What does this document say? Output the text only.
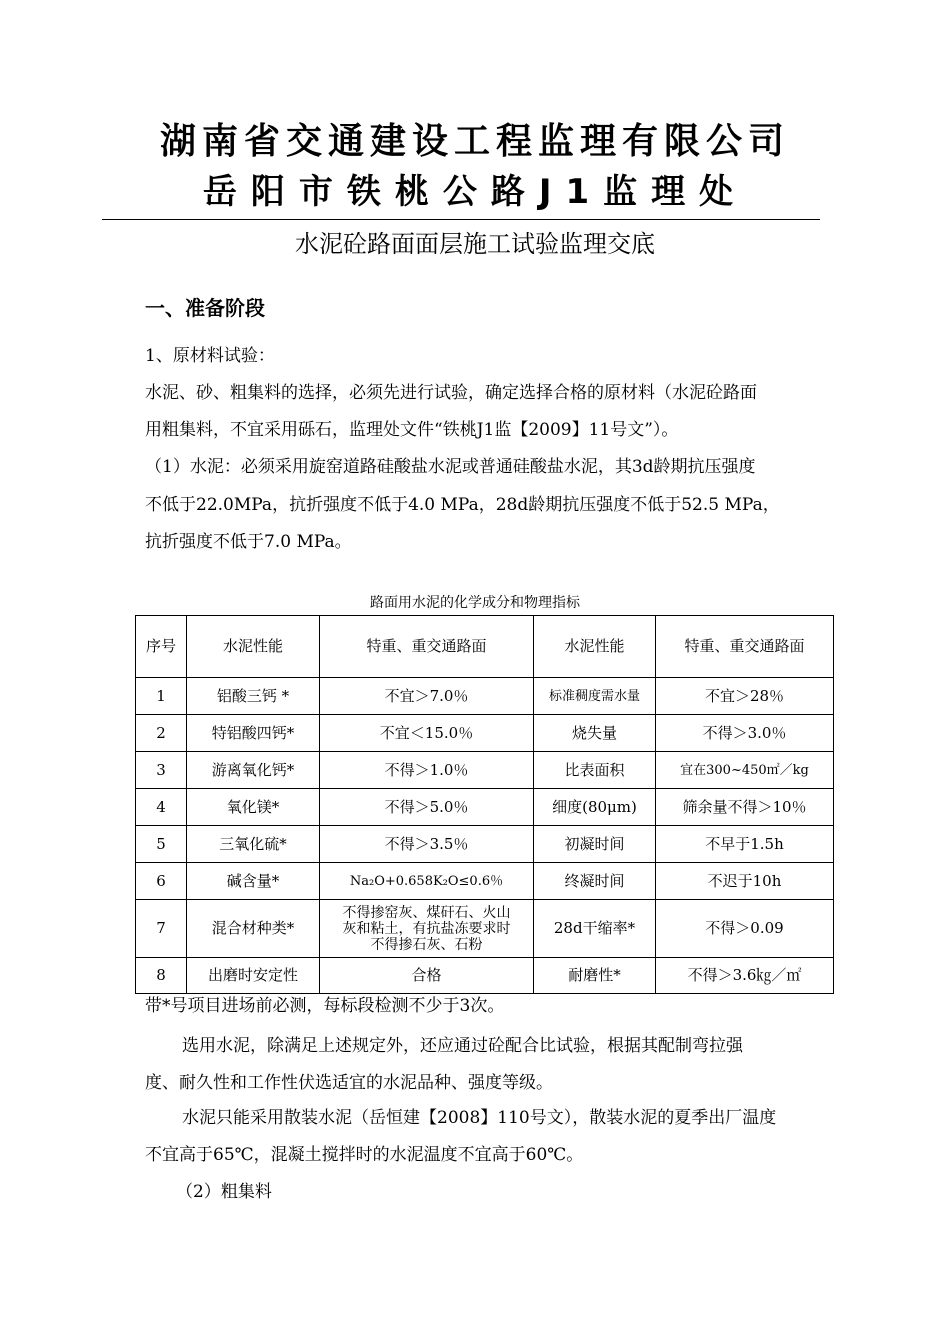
湖南省交通建设工程监理有限公司
岳阳市铁桃公路J1监理处
水泥砼路面面层施工试验监理交底
一、准备阶段
1、原材料试验：
水泥、砂、粗集料的选择，必须先进行试验，确定选择合格的原材料（水泥砼路面
用粗集料，不宜采用砾石，监理处文件“铁桃J1监【2009】11号文”）。
（1）水泥：必须采用旋窑道路硅酸盐水泥或普通硅酸盐水泥，其3d龄期抗压强度
不低于22.0MPa，抗折强度不低于4.0 MPa，28d龄期抗压强度不低于52.5 MPa，
抗折强度不低于7.0 MPa。
路面用水泥的化学成分和物理指标
序号	水泥性能	特重、重交通路面	水泥性能	特重、重交通路面
1	铝酸三钙 *	不宜＞7.0％	标准稠度需水量	不宜＞28％
2	特铝酸四钙*	不宜＜15.0％	烧失量	不得＞3.0％
3	游离氧化钙*	不得＞1.0％	比表面积	宜在300~450㎡／kg
4	氧化镁*	不得＞5.0％	细度(80μm)	筛余量不得＞10％
5	三氧化硫*	不得＞3.5％	初凝时间	不早于1.5h
6	碱含量*	Na₂O+0.658K₂O≤0.6％	终凝时间	不迟于10h
7	混合材种类*	不得掺窑灰、煤矸石、火山
灰和粘土，有抗盐冻要求时
不得掺石灰、石粉	28d干缩率*	不得＞0.09
8	出磨时安定性	合格	耐磨性*	不得＞3.6㎏／㎡
带*号项目进场前必测，每标段检测不少于3次。
选用水泥，除满足上述规定外，还应通过砼配合比试验，根据其配制弯拉强
度、耐久性和工作性伏选适宜的水泥品种、强度等级。
水泥只能采用散装水泥（岳恒建【2008】110号文），散装水泥的夏季出厂温度
不宜高于65℃，混凝土搅拌时的水泥温度不宜高于60℃。
（2）粗集料
